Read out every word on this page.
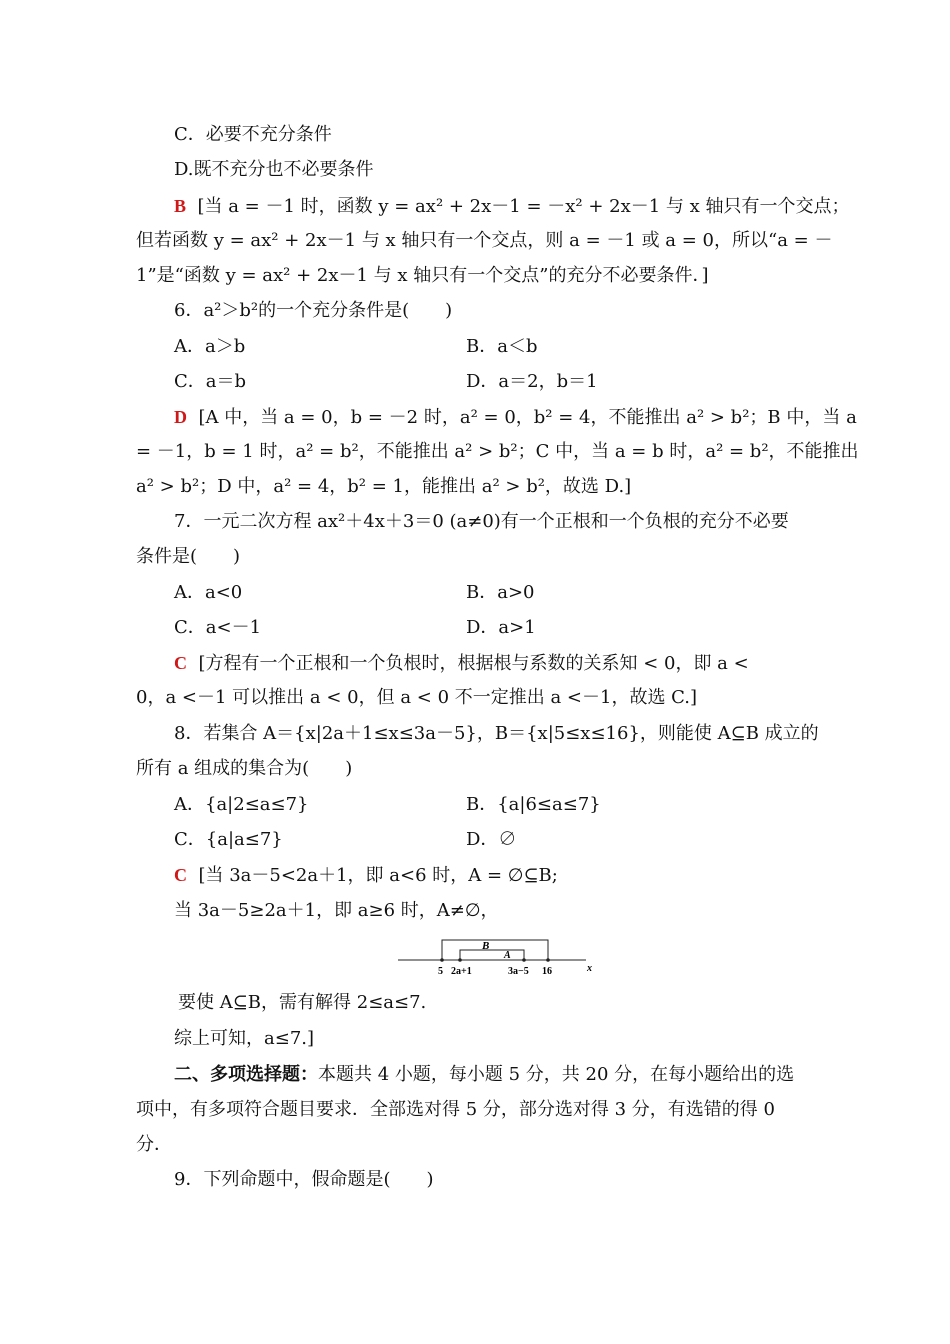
C．必要不充分条件
D.既不充分也不必要条件
B [当 a = －1 时，函数 y = ax² + 2x－1 = －x² + 2x－1 与 x 轴只有一个交点；
但若函数 y = ax² + 2x－1 与 x 轴只有一个交点，则 a = －1 或 a = 0，所以“a = －
1”是“函数 y = ax² + 2x－1 与 x 轴只有一个交点”的充分不必要条件．]
6．a²＞b²的一个充分条件是(　　)
A．a＞b	B．a＜b
C．a＝b	D．a＝2，b＝1
D [A 中，当 a = 0，b = －2 时，a² = 0，b² = 4，不能推出 a² > b²；B 中，当 a
= －1，b = 1 时，a² = b²，不能推出 a² > b²；C 中，当 a = b 时，a² = b²，不能推出
a² > b²；D 中，a² = 4，b² = 1，能推出 a² > b²，故选 D.]
7．一元二次方程 ax²＋4x＋3＝0 (a≠0)有一个正根和一个负根的充分不必要
条件是(　　)
A．a<0	B．a>0
C．a<－1	D．a>1
C [方程有一个正根和一个负根时，根据根与系数的关系知 < 0，即 a <
0，a <－1 可以推出 a < 0，但 a < 0 不一定推出 a <－1，故选 C.]
8．若集合 A＝{x|2a＋1≤x≤3a－5}，B＝{x|5≤x≤16}，则能使 A⊆B 成立的
所有 a 组成的集合为(　　)
A．{a|2≤a≤7}	B．{a|6≤a≤7}
C．{a|a≤7}	D．∅
C [当 3a－5<2a＋1，即 a<6 时，A = ∅⊆B;
当 3a－5≥2a＋1，即 a≥6 时，A≠∅，
B
A
5 2a+1	3a−5 16	x
要使 A⊆B，需有解得 2≤a≤7.
综上可知，a≤7.]
二、多项选择题：本题共 4 小题，每小题 5 分，共 20 分，在每小题给出的选
项中，有多项符合题目要求．全部选对得 5 分，部分选对得 3 分，有选错的得 0
分．
9．下列命题中，假命题是(　　)
